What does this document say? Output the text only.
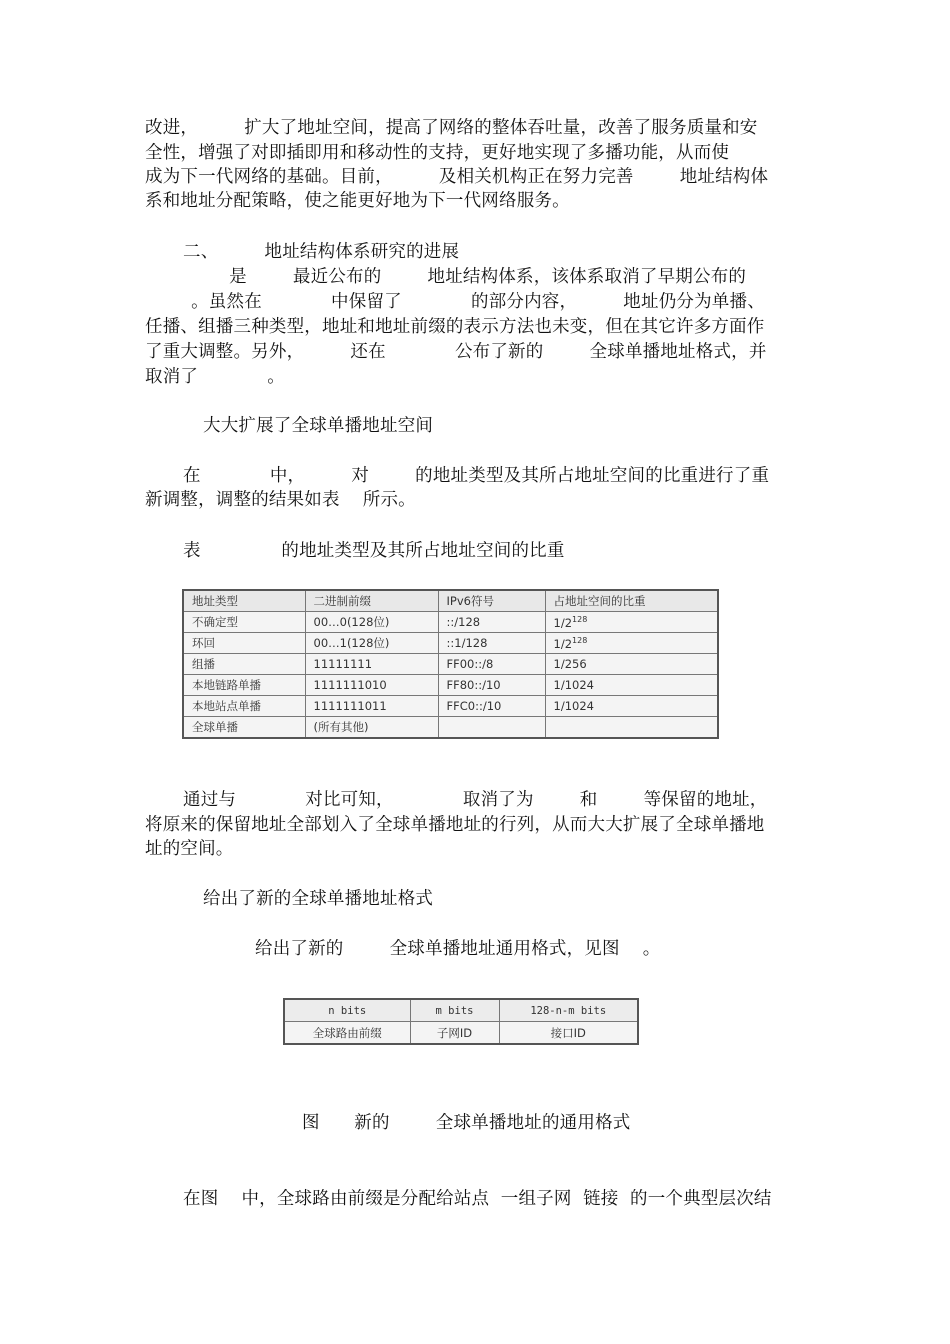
改进，        扩大了地址空间，提高了网络的整体吞吐量，改善了服务质量和安
全性，增强了对即插即用和移动性的支持，更好地实现了多播功能，从而使
成为下一代网络的基础。目前，        及相关机构正在努力完善        地址结构体
系和地址分配策略，使之能更好地为下一代网络服务。
二、        地址结构体系研究的进展
是        最近公布的        地址结构体系，该体系取消了早期公布的
。虽然在            中保留了            的部分内容，        地址仍分为单播、
任播、组播三种类型，地址和地址前缀的表示方法也未变，但在其它许多方面作
了重大调整。另外，        还在            公布了新的        全球单播地址格式，并
取消了            。
大大扩展了全球单播地址空间
在            中，        对        的地址类型及其所占地址空间的比重进行了重
新调整，调整的结果如表    所示。
表              的地址类型及其所占地址空间的比重
地址类型	二进制前缀	IPv6符号	占地址空间的比重
不确定型	00…0(128位)	::/128	$1/2^{128}$
环回	00…1(128位)	::1/128	$1/2^{128}$
组播	11111111	FF00::/8	1/256
本地链路单播	1111111010	FF80::/10	1/1024
本地站点单播	1111111011	FFC0::/10	1/1024
全球单播	(所有其他)		
通过与            对比可知，            取消了为        和        等保留的地址，
将原来的保留地址全部划入了全球单播地址的行列，从而大大扩展了全球单播地
址的空间。
给出了新的全球单播地址格式
给出了新的        全球单播地址通用格式，见图    。
n bits	m bits	128-n-m bits
全球路由前缀	子网ID	接口ID
图      新的        全球单播地址的通用格式
在图    中，全球路由前缀是分配给站点  一组子网  链接  的一个典型层次结
